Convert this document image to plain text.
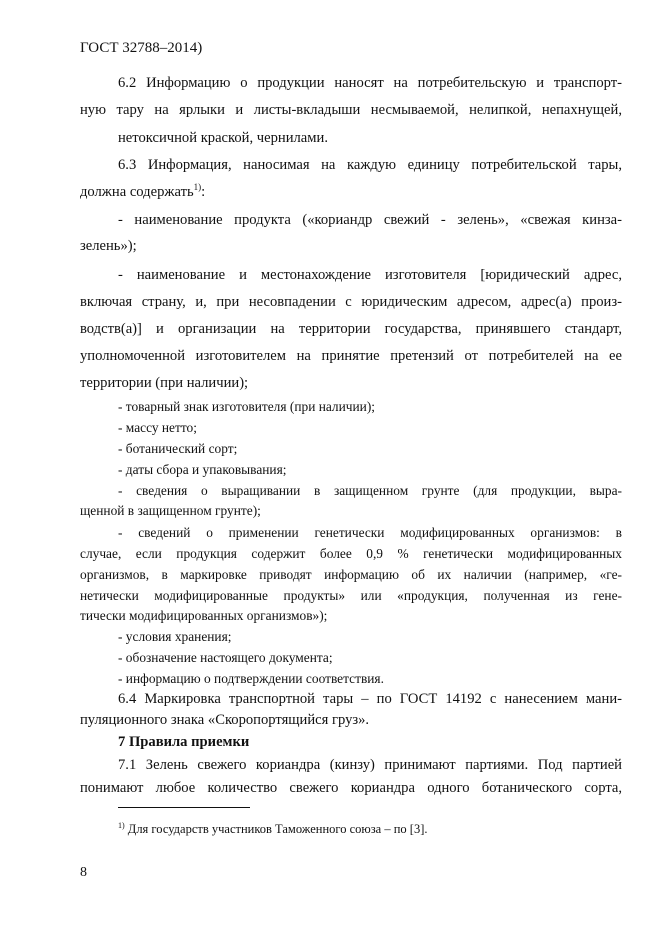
ГОСТ 32788–2014)
6.2 Информацию о продукции наносят на потребительскую и транспорт-
ную тару на ярлыки и листы-вкладыши несмываемой, нелипкой, непахнущей,
нетоксичной краской, чернилами.
6.3 Информация, наносимая на каждую единицу потребительской тары,
должна содержать$^{1)}$:
- наименование продукта («кориандр свежий - зелень», «свежая кинза-
зелень»);
- наименование и местонахождение изготовителя [юридический адрес,
включая страну, и, при несовпадении с юридическим адресом, адрес(а) произ-
водств(а)] и организации на территории государства, принявшего стандарт,
уполномоченной изготовителем на принятие претензий от потребителей на ее
территории (при наличии);
- товарный знак изготовителя (при наличии);
- массу нетто;
- ботанический сорт;
- даты сбора и упаковывания;
- сведения о выращивании в защищенном грунте (для продукции, выра-
щенной в защищенном грунте);
- сведений о применении генетически модифицированных организмов: в
случае, если продукция содержит более 0,9 % генетически модифицированных
организмов, в маркировке приводят информацию об их наличии (например, «ге-
нетически модифицированные продукты» или «продукция, полученная из гене-
тически модифицированных организмов»);
- условия хранения;
- обозначение настоящего документа;
- информацию о подтверждении соответствия.
6.4 Маркировка транспортной тары – по ГОСТ 14192 с нанесением мани-
пуляционного знака «Скоропортящийся груз».
7 Правила приемки
7.1 Зелень свежего кориандра (кинзу) принимают партиями. Под партией
понимают любое количество свежего кориандра одного ботанического сорта,
$^{1)}$ Для государств участников Таможенного союза – по [3].
8
